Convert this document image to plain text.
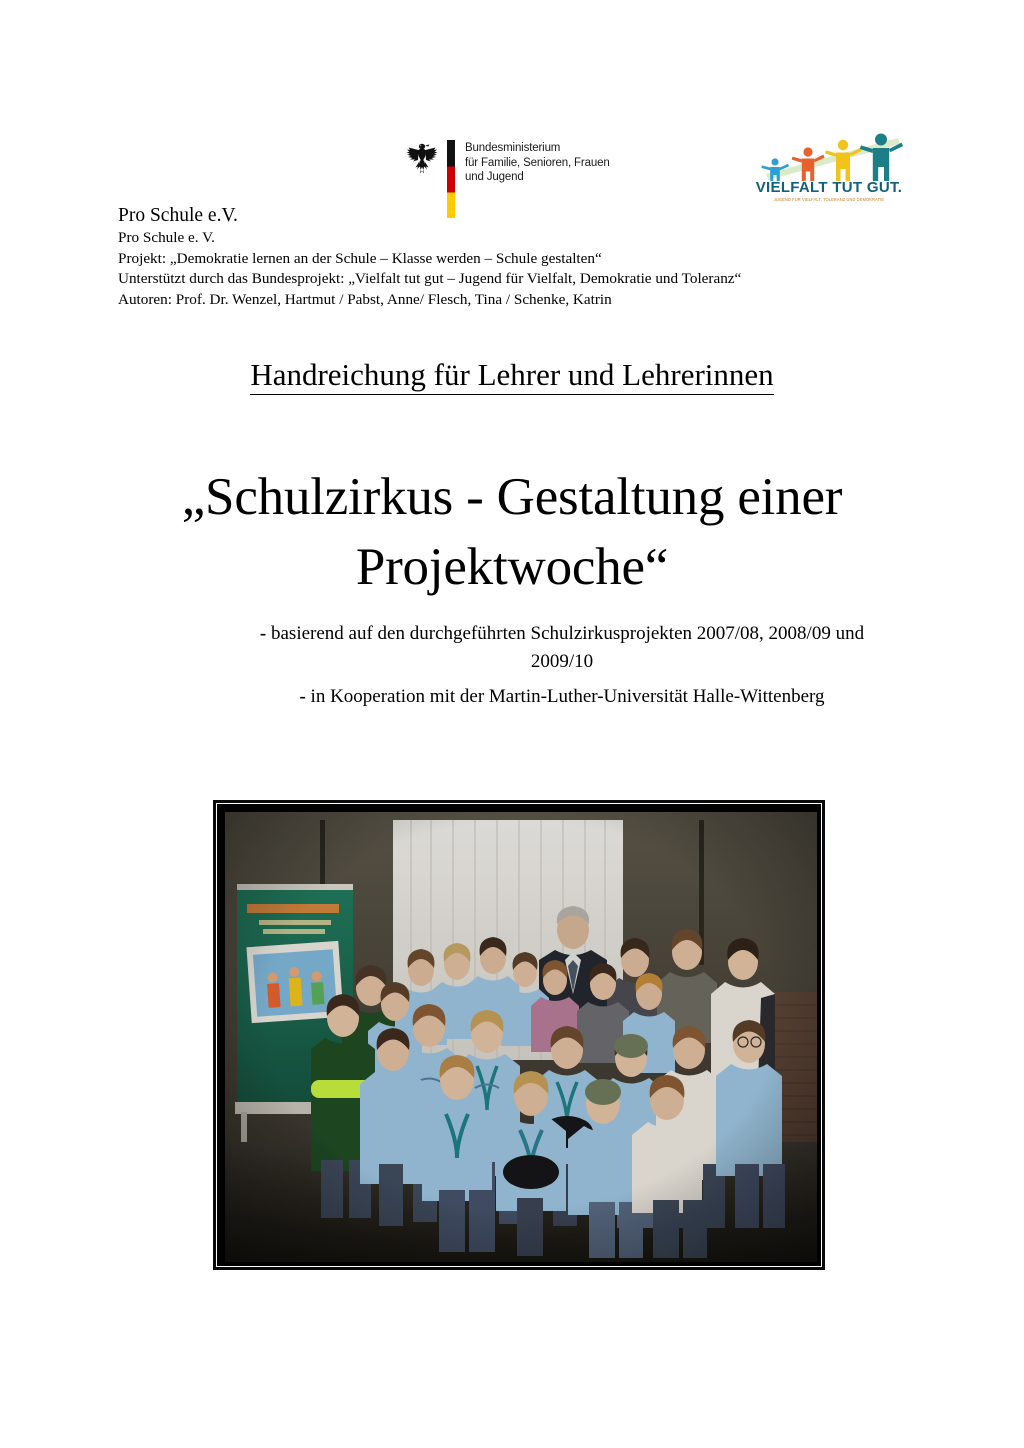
Bundesministerium
für Familie, Senioren, Frauen
und Jugend
VIELFALT TUT GUT.
JUGEND FÜR VIELFALT, TOLERANZ UND DEMOKRATIE
Pro Schule e.V.
Pro Schule e. V.
Projekt: „Demokratie lernen an der Schule – Klasse werden – Schule gestalten“
Unterstützt durch das Bundesprojekt: „Vielfalt tut gut – Jugend für Vielfalt, Demokratie und Toleranz“
Autoren: Prof. Dr. Wenzel, Hartmut / Pabst, Anne/ Flesch, Tina / Schenke, Katrin
Handreichung für Lehrer und Lehrerinnen
„Schulzirkus - Gestaltung einer
Projektwoche“
- basierend auf den durchgeführten Schulzirkusprojekten 2007/08, 2008/09 und
2009/10
- in Kooperation mit der Martin-Luther-Universität Halle-Wittenberg
